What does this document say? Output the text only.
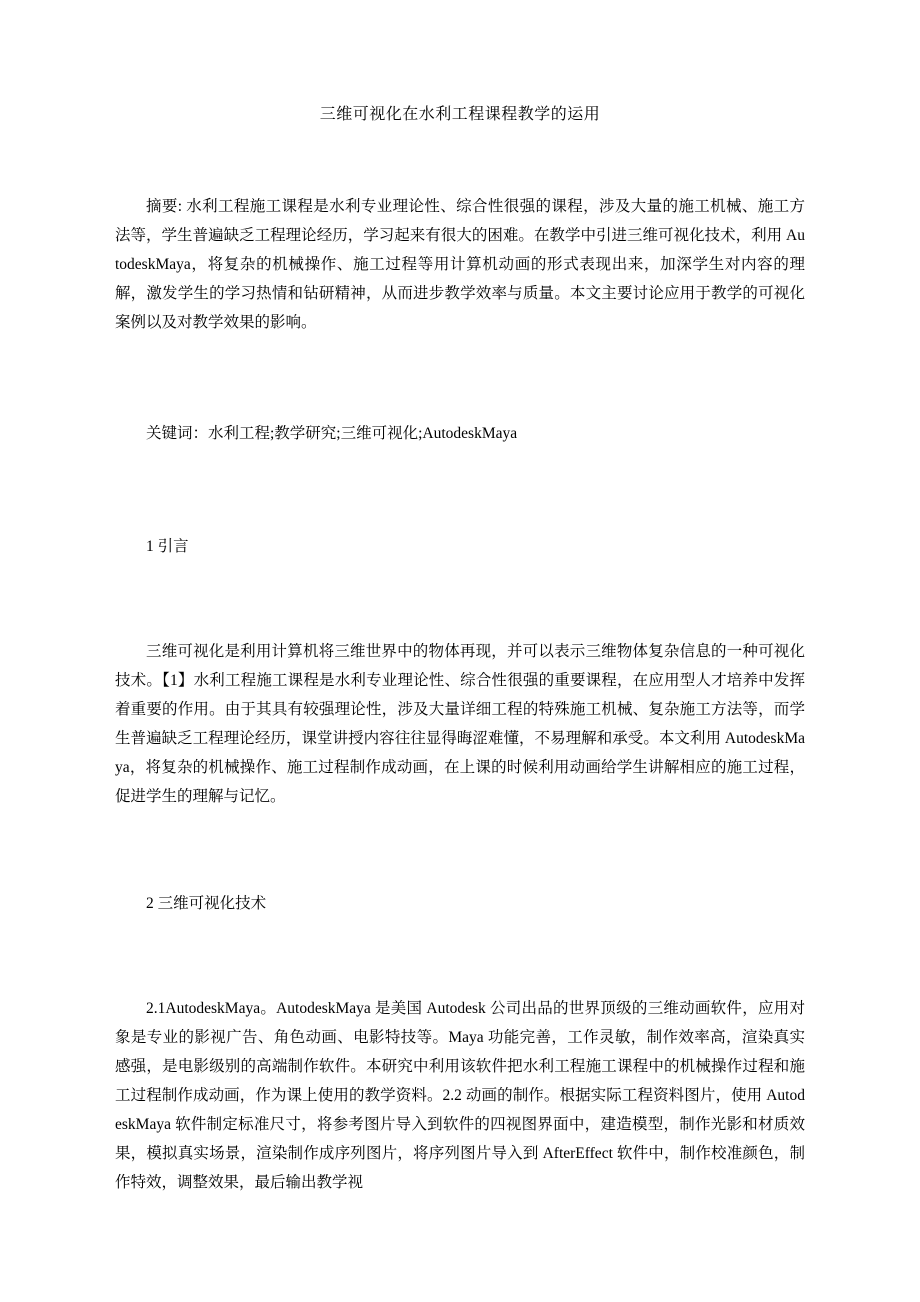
三维可视化在水利工程课程教学的运用

摘要: 水利工程施工课程是水利专业理论性、综合性很强的课程，涉及大量的施工机械、施工方法等，学生普遍缺乏工程理论经历，学习起来有很大的困难。在教学中引进三维可视化技术，利用 AutodeskMaya，将复杂的机械操作、施工过程等用计算机动画的形式表现出来，加深学生对内容的理解，激发学生的学习热情和钻研精神，从而进步教学效率与质量。本文主要讨论应用于教学的可视化案例以及对教学效果的影响。

关键词：水利工程;教学研究;三维可视化;AutodeskMaya

1 引言

三维可视化是利用计算机将三维世界中的物体再现，并可以表示三维物体复杂信息的一种可视化技术。【1】水利工程施工课程是水利专业理论性、综合性很强的重要课程，在应用型人才培养中发挥着重要的作用。由于其具有较强理论性，涉及大量详细工程的特殊施工机械、复杂施工方法等，而学生普遍缺乏工程理论经历，课堂讲授内容往往显得晦涩难懂，不易理解和承受。本文利用 AutodeskMaya，将复杂的机械操作、施工过程制作成动画，在上课的时候利用动画给学生讲解相应的施工过程，促进学生的理解与记忆。

2 三维可视化技术

2.1AutodeskMaya。AutodeskMaya 是美国 Autodesk 公司出品的世界顶级的三维动画软件，应用对象是专业的影视广告、角色动画、电影特技等。Maya 功能完善，工作灵敏，制作效率高，渲染真实感强，是电影级别的高端制作软件。本研究中利用该软件把水利工程施工课程中的机械操作过程和施工过程制作成动画，作为课上使用的教学资料。2.2 动画的制作。根据实际工程资料图片，使用 AutodeskMaya 软件制定标准尺寸，将参考图片导入到软件的四视图界面中，建造模型，制作光影和材质效果，模拟真实场景，渲染制作成序列图片，将序列图片导入到 AfterEffect 软件中，制作校准颜色，制作特效，调整效果，最后输出教学视
